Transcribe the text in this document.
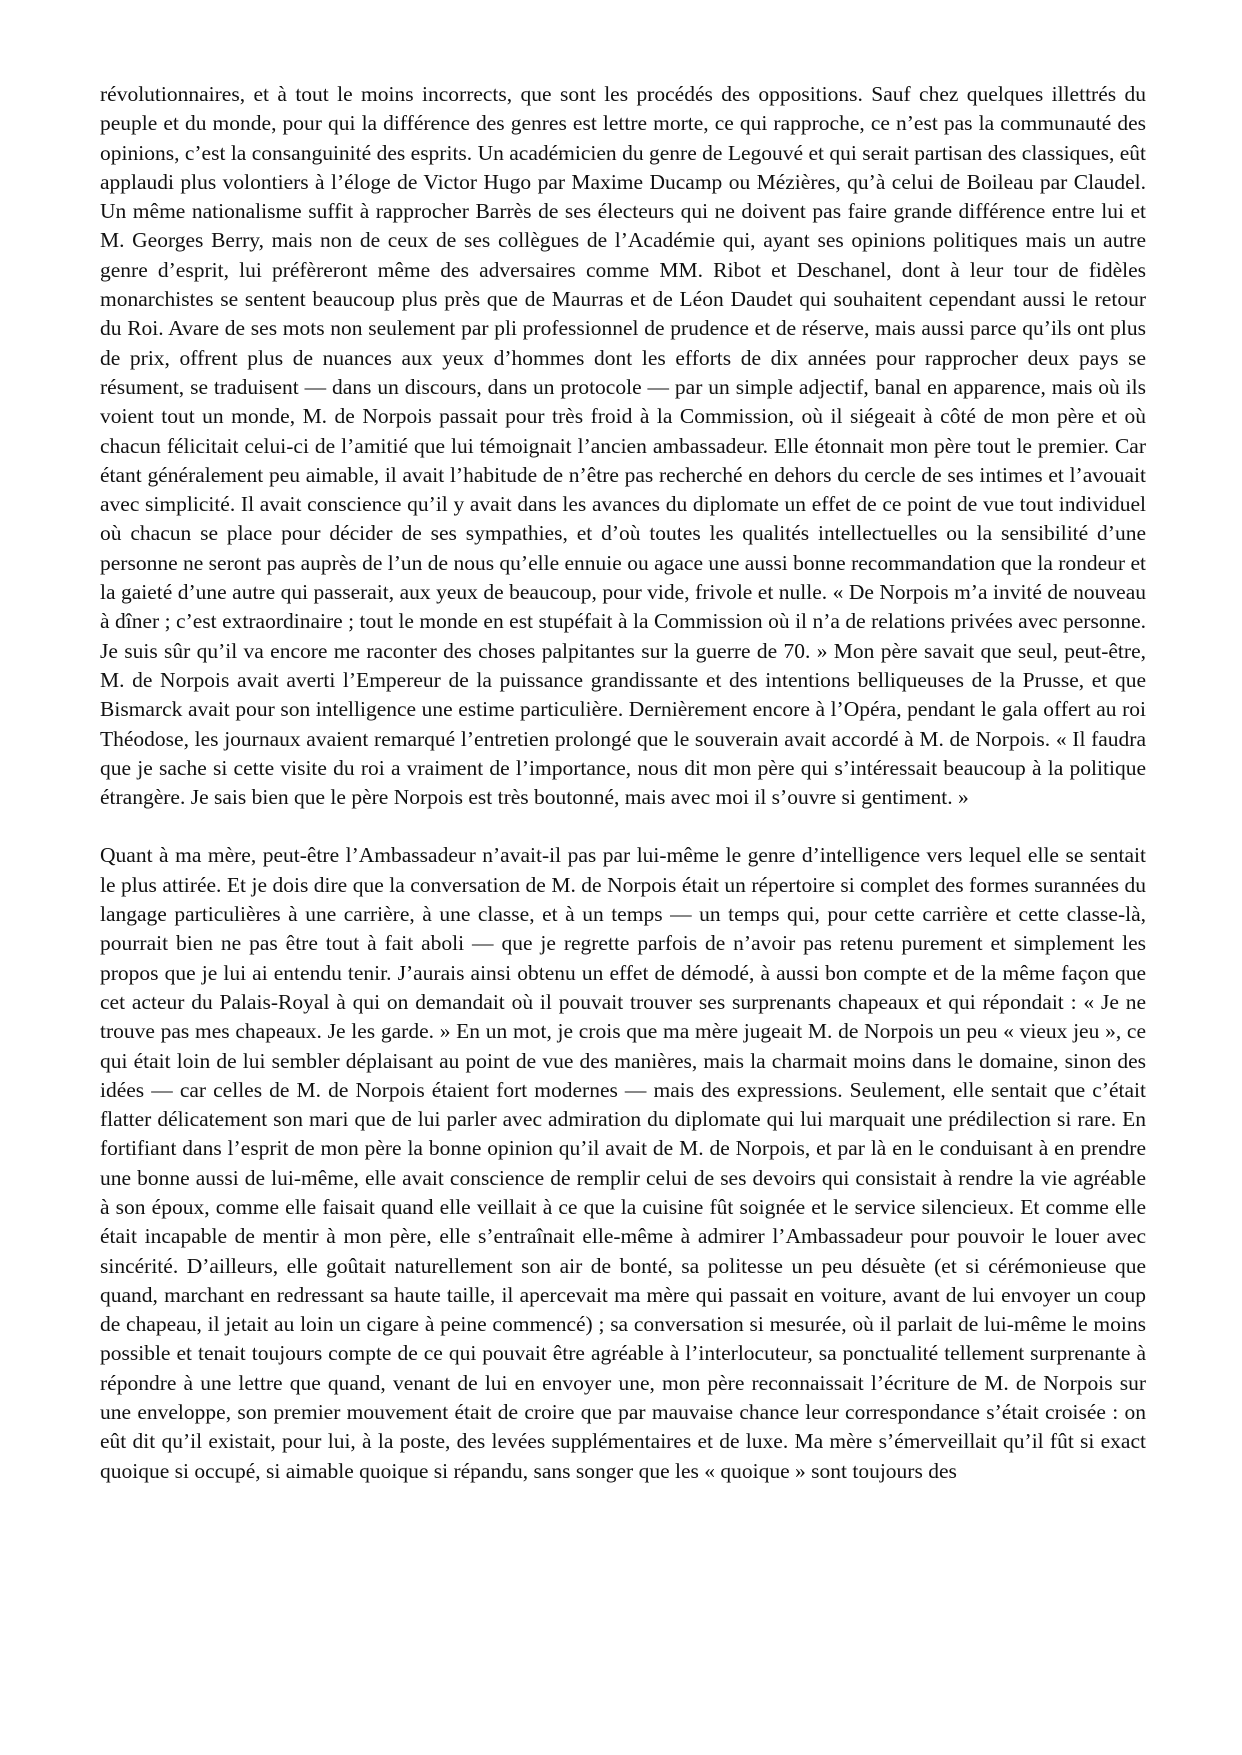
révolutionnaires, et à tout le moins incorrects, que sont les procédés des oppositions. Sauf chez quelques illettrés du peuple et du monde, pour qui la différence des genres est lettre morte, ce qui rapproche, ce n’est pas la communauté des opinions, c’est la consanguinité des esprits. Un académicien du genre de Legouvé et qui serait partisan des classiques, eût applaudi plus volontiers à l’éloge de Victor Hugo par Maxime Ducamp ou Mézières, qu’à celui de Boileau par Claudel. Un même nationalisme suffit à rapprocher Barrès de ses électeurs qui ne doivent pas faire grande différence entre lui et M. Georges Berry, mais non de ceux de ses collègues de l’Académie qui, ayant ses opinions politiques mais un autre genre d’esprit, lui préfèreront même des adversaires comme MM. Ribot et Deschanel, dont à leur tour de fidèles monarchistes se sentent beaucoup plus près que de Maurras et de Léon Daudet qui souhaitent cependant aussi le retour du Roi. Avare de ses mots non seulement par pli professionnel de prudence et de réserve, mais aussi parce qu’ils ont plus de prix, offrent plus de nuances aux yeux d’hommes dont les efforts de dix années pour rapprocher deux pays se résument, se traduisent — dans un discours, dans un protocole — par un simple adjectif, banal en apparence, mais où ils voient tout un monde, M. de Norpois passait pour très froid à la Commission, où il siégeait à côté de mon père et où chacun félicitait celui-ci de l’amitié que lui témoignait l’ancien ambassadeur. Elle étonnait mon père tout le premier. Car étant généralement peu aimable, il avait l’habitude de n’être pas recherché en dehors du cercle de ses intimes et l’avouait avec simplicité. Il avait conscience qu’il y avait dans les avances du diplomate un effet de ce point de vue tout individuel où chacun se place pour décider de ses sympathies, et d’où toutes les qualités intellectuelles ou la sensibilité d’une personne ne seront pas auprès de l’un de nous qu’elle ennuie ou agace une aussi bonne recommandation que la rondeur et la gaieté d’une autre qui passerait, aux yeux de beaucoup, pour vide, frivole et nulle. « De Norpois m’a invité de nouveau à dîner ; c’est extraordinaire ; tout le monde en est stupéfait à la Commission où il n’a de relations privées avec personne. Je suis sûr qu’il va encore me raconter des choses palpitantes sur la guerre de 70. » Mon père savait que seul, peut-être, M. de Norpois avait averti l’Empereur de la puissance grandissante et des intentions belliqueuses de la Prusse, et que Bismarck avait pour son intelligence une estime particulière. Dernièrement encore à l’Opéra, pendant le gala offert au roi Théodose, les journaux avaient remarqué l’entretien prolongé que le souverain avait accordé à M. de Norpois. « Il faudra que je sache si cette visite du roi a vraiment de l’importance, nous dit mon père qui s’intéressait beaucoup à la politique étrangère. Je sais bien que le père Norpois est très boutonné, mais avec moi il s’ouvre si gentiment. »

Quant à ma mère, peut-être l’Ambassadeur n’avait-il pas par lui-même le genre d’intelligence vers lequel elle se sentait le plus attirée. Et je dois dire que la conversation de M. de Norpois était un répertoire si complet des formes surannées du langage particulières à une carrière, à une classe, et à un temps — un temps qui, pour cette carrière et cette classe-là, pourrait bien ne pas être tout à fait aboli — que je regrette parfois de n’avoir pas retenu purement et simplement les propos que je lui ai entendu tenir. J’aurais ainsi obtenu un effet de démodé, à aussi bon compte et de la même façon que cet acteur du Palais-Royal à qui on demandait où il pouvait trouver ses surprenants chapeaux et qui répondait : « Je ne trouve pas mes chapeaux. Je les garde. » En un mot, je crois que ma mère jugeait M. de Norpois un peu « vieux jeu », ce qui était loin de lui sembler déplaisant au point de vue des manières, mais la charmait moins dans le domaine, sinon des idées — car celles de M. de Norpois étaient fort modernes — mais des expressions. Seulement, elle sentait que c’était flatter délicatement son mari que de lui parler avec admiration du diplomate qui lui marquait une prédilection si rare. En fortifiant dans l’esprit de mon père la bonne opinion qu’il avait de M. de Norpois, et par là en le conduisant à en prendre une bonne aussi de lui-même, elle avait conscience de remplir celui de ses devoirs qui consistait à rendre la vie agréable à son époux, comme elle faisait quand elle veillait à ce que la cuisine fût soignée et le service silencieux. Et comme elle était incapable de mentir à mon père, elle s’entraînait elle-même à admirer l’Ambassadeur pour pouvoir le louer avec sincérité. D’ailleurs, elle goûtait naturellement son air de bonté, sa politesse un peu désuète (et si cérémonieuse que quand, marchant en redressant sa haute taille, il apercevait ma mère qui passait en voiture, avant de lui envoyer un coup de chapeau, il jetait au loin un cigare à peine commencé) ; sa conversation si mesurée, où il parlait de lui-même le moins possible et tenait toujours compte de ce qui pouvait être agréable à l’interlocuteur, sa ponctualité tellement surprenante à répondre à une lettre que quand, venant de lui en envoyer une, mon père reconnaissait l’écriture de M. de Norpois sur une enveloppe, son premier mouvement était de croire que par mauvaise chance leur correspondance s’était croisée : on eût dit qu’il existait, pour lui, à la poste, des levées supplémentaires et de luxe. Ma mère s’émerveillait qu’il fût si exact quoique si occupé, si aimable quoique si répandu, sans songer que les « quoique » sont toujours des
